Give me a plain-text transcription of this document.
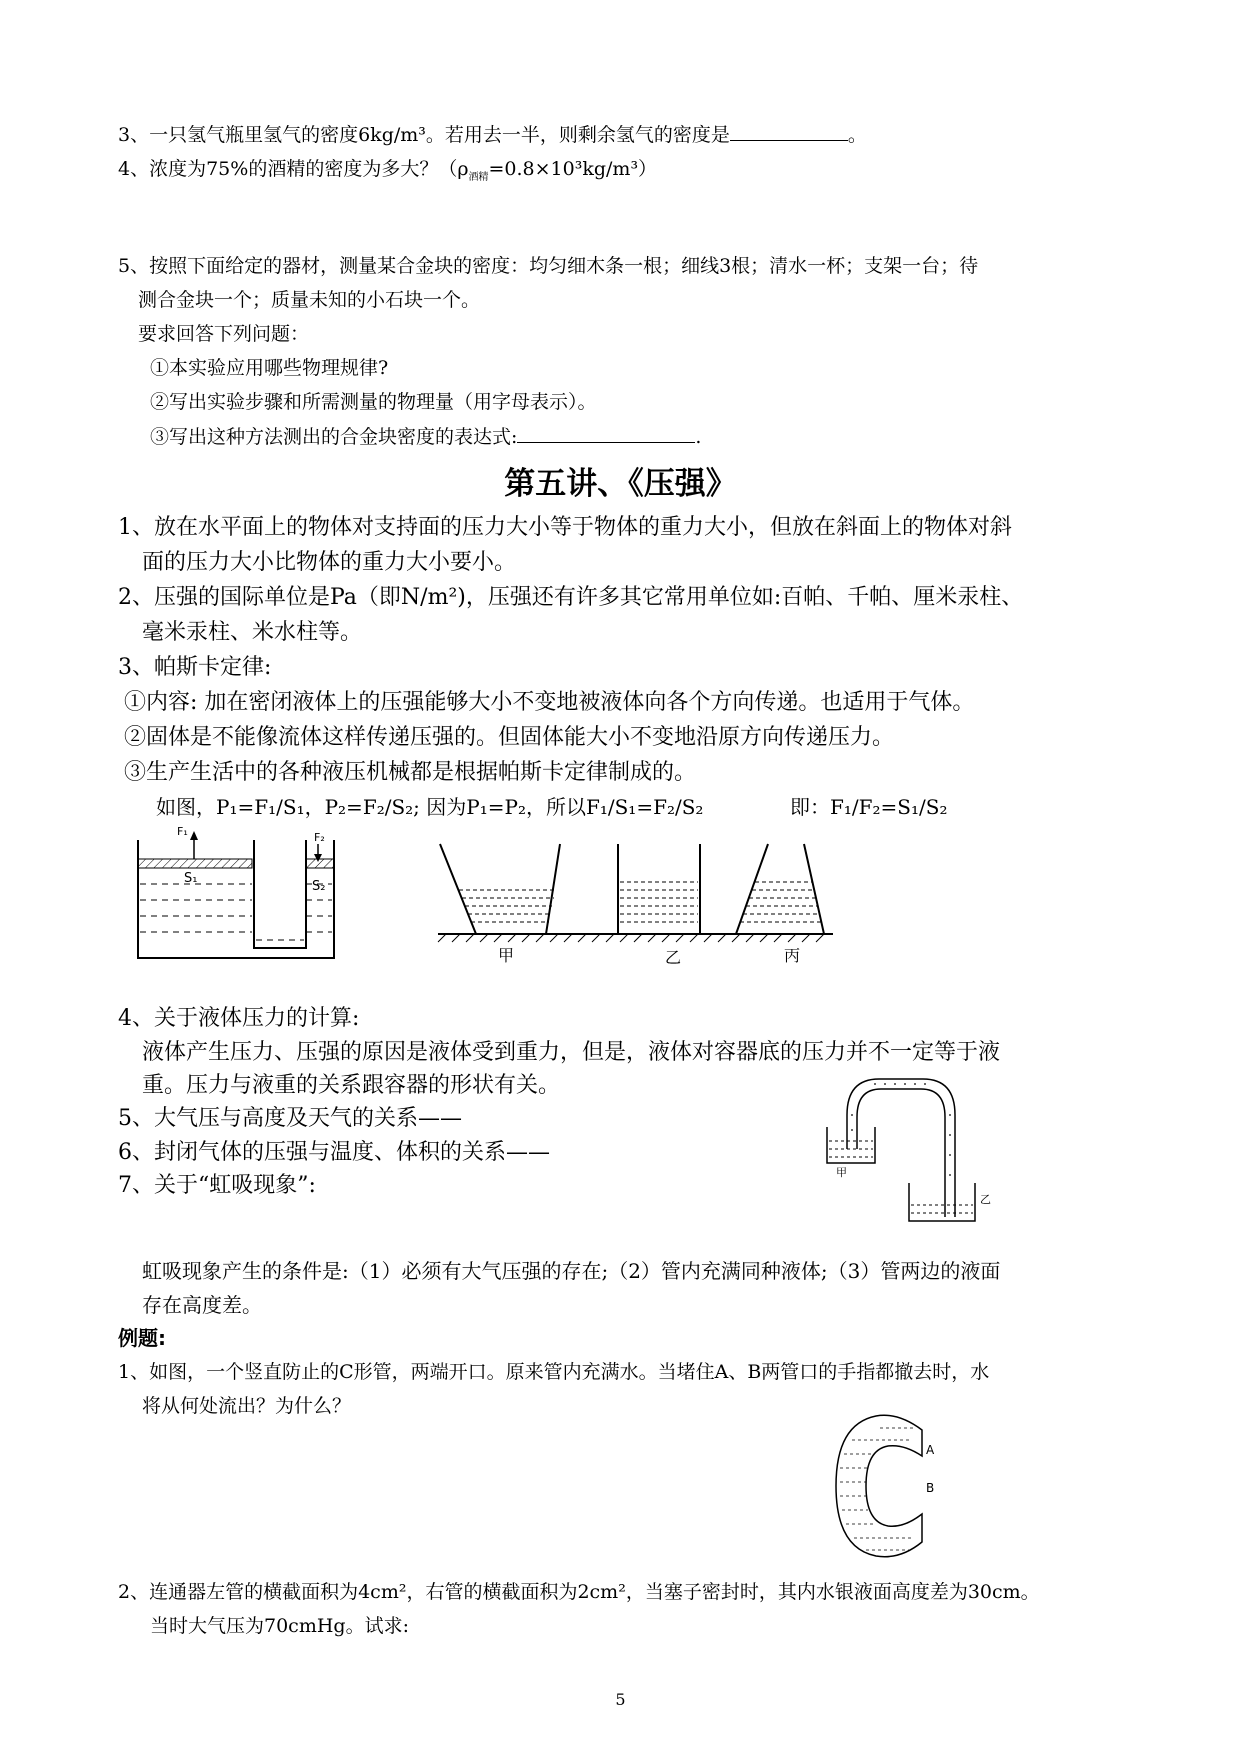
3、一只氢气瓶里氢气的密度6kg/m³。若用去一半，则剩余氢气的密度是	。
4、浓度为75%的酒精的密度为多大？$(\rho_{酒精}=0.8\times 10^3kg/m^3)$
5、按照下面给定的器材，测量某合金块的密度：均匀细木条一根；细线3根；清水一杯；支架一台；待
测合金块一个；质量未知的小石块一个。
要求回答下列问题：
①本实验应用哪些物理规律?
②写出实验步骤和所需测量的物理量（用字母表示）。
③写出这种方法测出的合金块密度的表达式:	.
第五讲、《压强》
1、放在水平面上的物体对支持面的压力大小等于物体的重力大小，但放在斜面上的物体对斜
面的压力大小比物体的重力大小要小。
2、压强的国际单位是Pa（即N/m²)，压强还有许多其它常用单位如:百帕、千帕、厘米汞柱、
毫米汞柱、米水柱等。
3、帕斯卡定律:
①内容: 加在密闭液体上的压强能够大小不变地被液体向各个方向传递。也适用于气体。
②固体是不能像流体这样传递压强的。但固体能大小不变地沿原方向传递压力。
③生产生活中的各种液压机械都是根据帕斯卡定律制成的。
如图，P₁=F₁/S₁，P₂=F₂/S₂; 因为P₁=P₂，所以F₁/S₁=F₂/S₂	即：F₁/F₂=S₁/S₂
F₁	F₂
S₁
S₂
甲	乙	丙
4、关于液体压力的计算:
液体产生压力、压强的原因是液体受到重力，但是，液体对容器底的压力并不一定等于液
重。压力与液重的关系跟容器的形状有关。
5、大气压与高度及天气的关系——
6、封闭气体的压强与温度、体积的关系——
7、关于“虹吸现象”:
甲
乙
虹吸现象产生的条件是:（1）必须有大气压强的存在;（2）管内充满同种液体;（3）管两边的液面
存在高度差。
例题:
1、如图，一个竖直防止的C形管，两端开口。原来管内充满水。当堵住A、B两管口的手指都撤去时，水
将从何处流出？为什么？
A
B
2、连通器左管的横截面积为4cm²，右管的横截面积为2cm²，当塞子密封时，其内水银液面高度差为30cm。
当时大气压为70cmHg。试求:
5
